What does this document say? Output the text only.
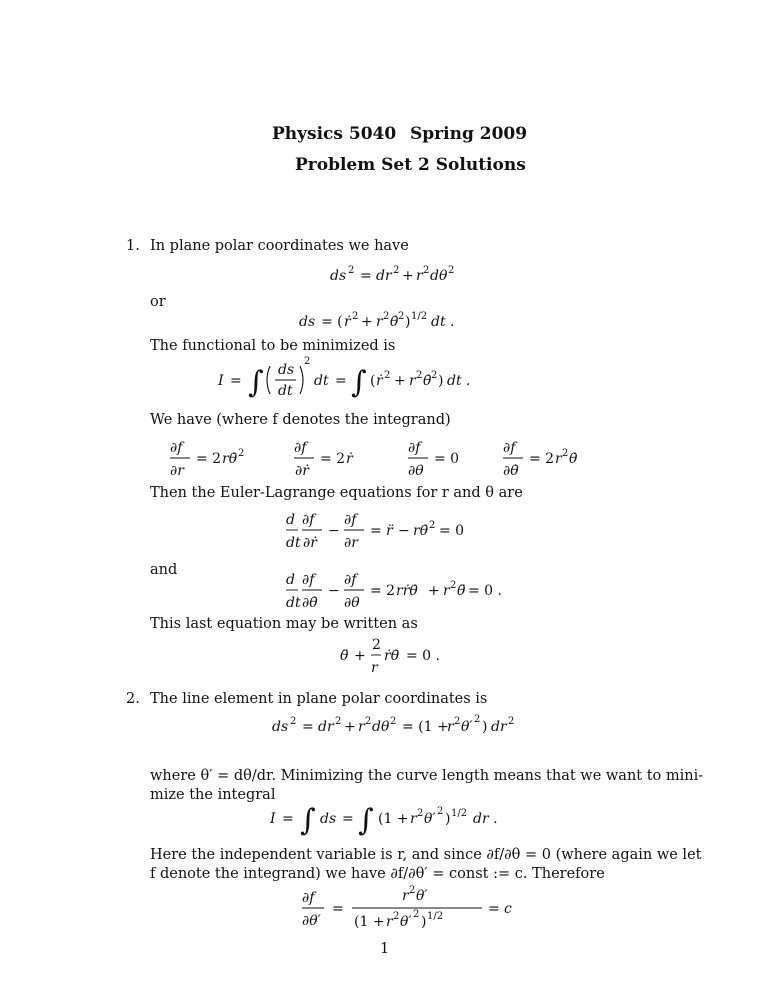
Physics 5040 Spring 2009
Problem Set 2 Solutions
1. In plane polar coordinates we have
ds 2 = dr 2 + r 2 dθ 2
or
ds = ( ṙ 2 + r 2 θ̇ 2 ) 1/2 dt .
The functional to be minimized is
I = ∫ ds
dt
2
dt = ∫ ( ṙ 2 + r 2 θ̇ 2 ) dt .
We have (where f denotes the integrand)
∂f
∂r
= 2 rθ̇ 2	∂f
∂ṙ
= 2 ṙ
∂f
∂θ
= 0
∂f
∂θ̇
= 2 r 2 θ̇
Then the Euler-Lagrange equations for r and θ are
d
dt
∂f
∂ṙ
−
∂f
∂r
= r̈ − rθ̇ 2 = 0
and
d
dt
∂f
∂θ̇
−
∂f
∂θ
= 2 rṙθ̇ + r 2 θ̈ = 0 .
This last equation may be written as
θ̈ +
2
r
ṙθ̇ = 0 .
2. The line element in plane polar coordinates is
ds 2 = dr 2 + r 2 dθ 2 = (1 +
r 2 θ′ 2 ) dr 2
where θ′ = dθ/dr. Minimizing the curve length means that we want to mini-
mize the integral
I = ∫ ds = ∫ (1 + r 2 θ′ 2 ) 1/2 dr .
Here the independent variable is r, and since ∂f/∂θ = 0 (where again we let
f denote the integrand) we have ∂f/∂θ′ = const := c. Therefore
∂f
∂θ′
=
r 2 θ′
(1 + r 2 θ′ 2 ) 1/2	= c
1
